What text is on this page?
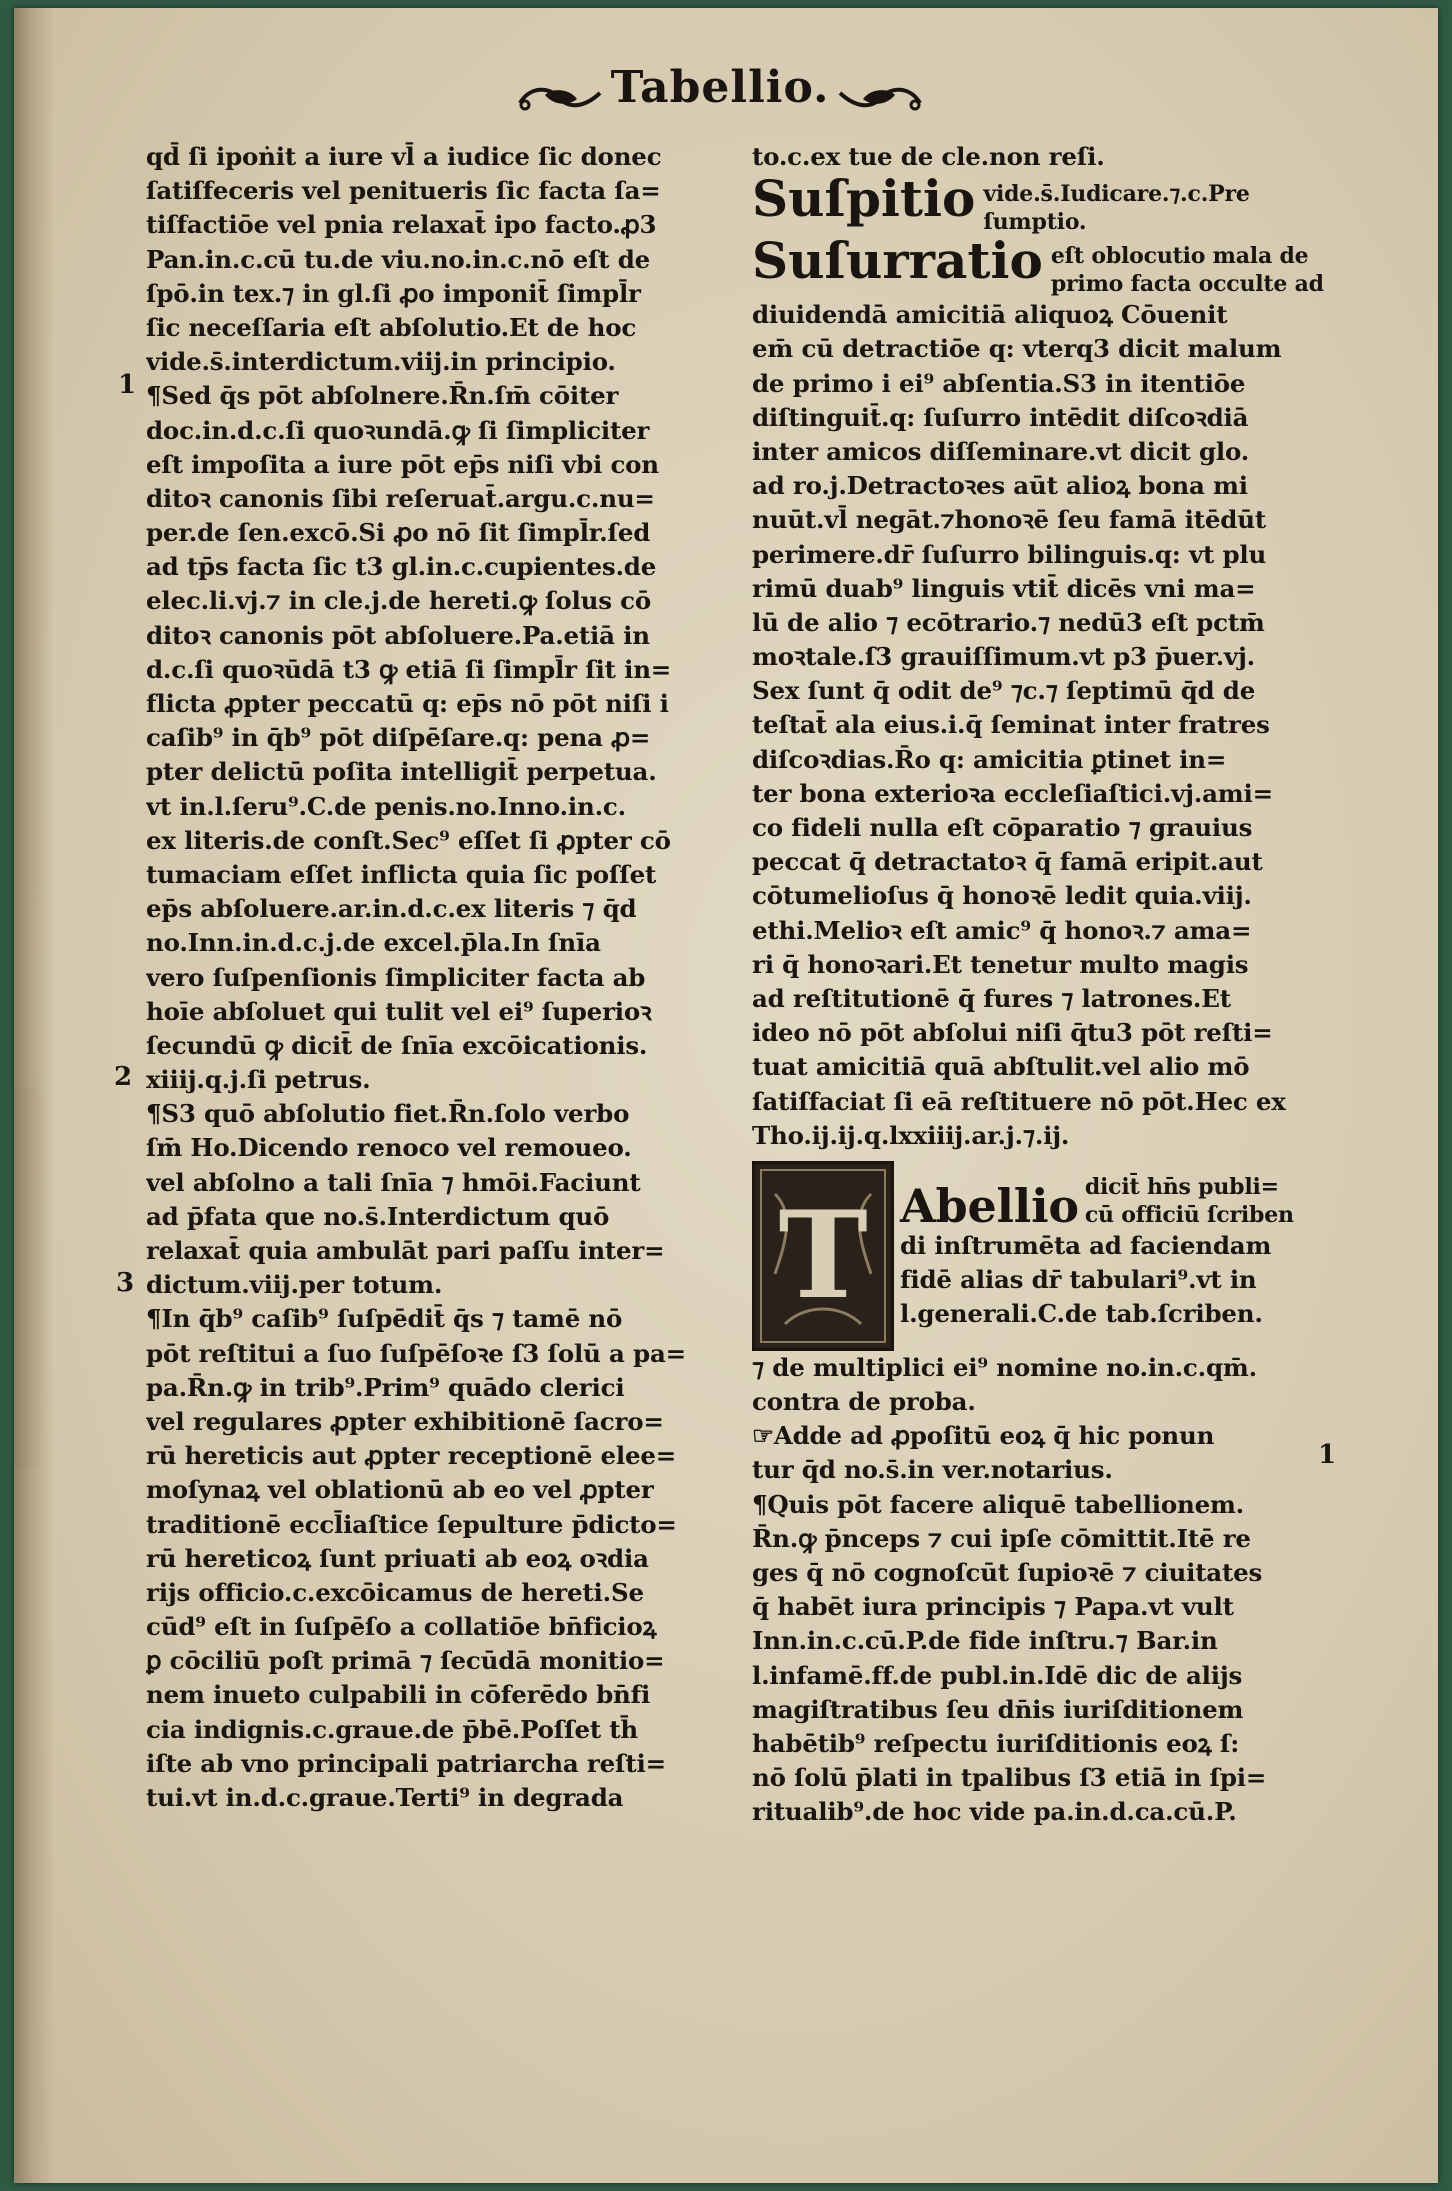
Tabellio.
1
2
3
1
qd̄ ſi ipoṅit a iure vl̄ a iudice ſic donec
ſatiſfeceris vel penitueris ſic facta ſa=
tiſfactiōe vel pnia relaxat̄ ipo facto.ꝓ3
Pan.in.c.cū tu.de viu.no.in.c.nō eſt de
ſpō.in tex.⁊ in gl.ſi ꝓo imponit̄ ſimpl̄r
ſic neceſſaria eſt abſolutio.Et de hoc
vide.s̄.interdictum.viij.in principio.
¶Sed q̄s pōt abſolnere.R̄n.ſm̄ cōiter
doc.in.d.c.ſi quoꝛundā.ꝙ ſi ſimpliciter
eſt impoſita a iure pōt ep̄s niſi vbi con
ditoꝛ canonis ſibi reſeruat̄.argu.c.nu=
per.de ſen.excō.Si ꝓo nō ſit ſimpl̄r.ſed
ad tp̄s facta ſic t3 gl.in.c.cupientes.de
elec.li.vj.⁊ in cle.j.de hereti.ꝙ ſolus cō
ditoꝛ canonis pōt abſoluere.Pa.etiā in
d.c.ſi quoꝛūdā t3 ꝙ etiā ſi ſimpl̄r ſit in=
flicta ꝓpter peccatū q: ep̄s nō pōt niſi i
caſib⁹ in q̄b⁹ pōt diſpēſare.q: pena ꝓ=
pter delictū poſita intelligit̄ perpetua.
vt in.l.ſeru⁹.C.de penis.no.Inno.in.c.
ex literis.de conſt.Sec⁹ eſſet ſi ꝓpter cō
tumaciam eſſet inflicta quia ſic poſſet
ep̄s abſoluere.ar.in.d.c.ex literis ⁊ q̄d
no.Inn.in.d.c.j.de excel.p̄la.In ſnīa
vero ſuſpenſionis ſimpliciter facta ab
hoīe abſoluet qui tulit vel ei⁹ ſuperioꝛ
ſecundū ꝙ dicit̄ de ſnīa excōicationis.
xiiij.q.j.ſi petrus.
¶S3 quō abſolutio fiet.R̄n.ſolo verbo
ſm̄ Ho.Dicendo renoco vel remoueo.
vel abſolno a tali ſnīa ⁊ hmōi.Faciunt
ad p̄fata que no.s̄.Interdictum quō
relaxat̄ quia ambulāt pari paſſu inter=
dictum.viij.per totum.
¶In q̄b⁹ caſib⁹ ſuſpēdit̄ q̄s ⁊ tamē nō
pōt reſtitui a ſuo ſuſpēſoꝛe ſ3 ſolū a pa=
pa.R̄n.ꝙ in trib⁹.Prim⁹ quādo clerici
vel regulares ꝓpter exhibitionē ſacro=
rū hereticis aut ꝓpter receptionē elee=
moſynaꝝ vel oblationū ab eo vel ꝓpter
traditionē eccl̄iaſtice ſepulture p̄dicto=
rū hereticoꝝ ſunt priuati ab eoꝝ oꝛdia
rijs officio.c.excōicamus de hereti.Se
cūd⁹ eſt in ſuſpēſo a collatiōe bn̄ficioꝝ
ꝑ cōciliū poſt primā ⁊ ſecūdā monitio=
nem inueto culpabili in cōferēdo bn̄fi
cia indignis.c.graue.de p̄bē.Poſſet th̄
iſte ab vno principali patriarcha reſti=
tui.vt in.d.c.graue.Terti⁹ in degrada
to.c.ex tue de cle.non reſi.
Suſpitio vide.s̄.Iudicare.⁊.c.Pre
ſumptio.
Suſurratio eſt oblocutio mala de
primo facta occulte ad
diuidendā amicitiā aliquoꝝ Cōuenit
em̄ cū detractiōe q: vterq3 dicit malum
de primo i ei⁹ abſentia.S3 in itentiōe
diſtinguit̄.q: ſuſurro intēdit diſcoꝛdiā
inter amicos diſſeminare.vt dicit glo.
ad ro.j.Detractoꝛes aūt alioꝝ bona mi
nuūt.vl̄ negāt.⁊honoꝛē ſeu famā itēdūt
perimere.dr̄ ſuſurro bilinguis.q: vt plu
rimū duab⁹ linguis vtit̄ dicēs vni ma=
lū de alio ⁊ ecōtrario.⁊ nedū3 eſt pctm̄
moꝛtale.ſ3 grauiſſimum.vt p3 p̄uer.vj.
Sex ſunt q̄ odit de⁹ ⁊c.⁊ ſeptimū q̄d de
teſtat̄ ala eius.i.q̄ ſeminat inter fratres
diſcoꝛdias.R̄o q: amicitia ꝑtinet in=
ter bona exterioꝛa eccleſiaſtici.vj.ami=
co fideli nulla eſt cōparatio ⁊ grauius
peccat q̄ detractatoꝛ q̄ famā eripit.aut
cōtumelioſus q̄ honoꝛē ledit quia.viij.
ethi.Melioꝛ eſt amic⁹ q̄ honoꝛ.⁊ ama=
ri q̄ honoꝛari.Et tenetur multo magis
ad reſtitutionē q̄ fures ⁊ latrones.Et
ideo nō pōt abſolui niſi q̄tu3 pōt reſti=
tuat amicitiā quā abſtulit.vel alio mō
ſatiſfaciat ſi eā reſtituere nō pōt.Hec ex
Tho.ij.ij.q.lxxiiij.ar.j.⁊.ij.
T Abellio dicit̄ hn̄s publi=
cū officiū ſcriben
di inſtrumēta ad faciendam
fidē alias dr̄ tabulari⁹.vt in
l.generali.C.de tab.ſcriben.
⁊ de multiplici ei⁹ nomine no.in.c.qm̄.
contra de proba.
☞Adde ad ꝓpoſitū eoꝝ q̄ hic ponun
tur q̄d no.s̄.in ver.notarius.
¶Quis pōt facere aliquē tabellionem.
R̄n.ꝙ p̄nceps ⁊ cui ipſe cōmittit.Itē re
ges q̄ nō cognoſcūt ſupioꝛē ⁊ ciuitates
q̄ habēt iura principis ⁊ Papa.vt vult
Inn.in.c.cū.P.de fide inſtru.⁊ Bar.in
l.infamē.ff.de publ.in.Idē dic de alijs
magiſtratibus ſeu dn̄is iuriſditionem
habētib⁹ reſpectu iuriſditionis eoꝝ ſ:
nō ſolū p̄lati in tpalibus ſ3 etiā in ſpi=
ritualib⁹.de hoc vide pa.in.d.ca.cū.P.
